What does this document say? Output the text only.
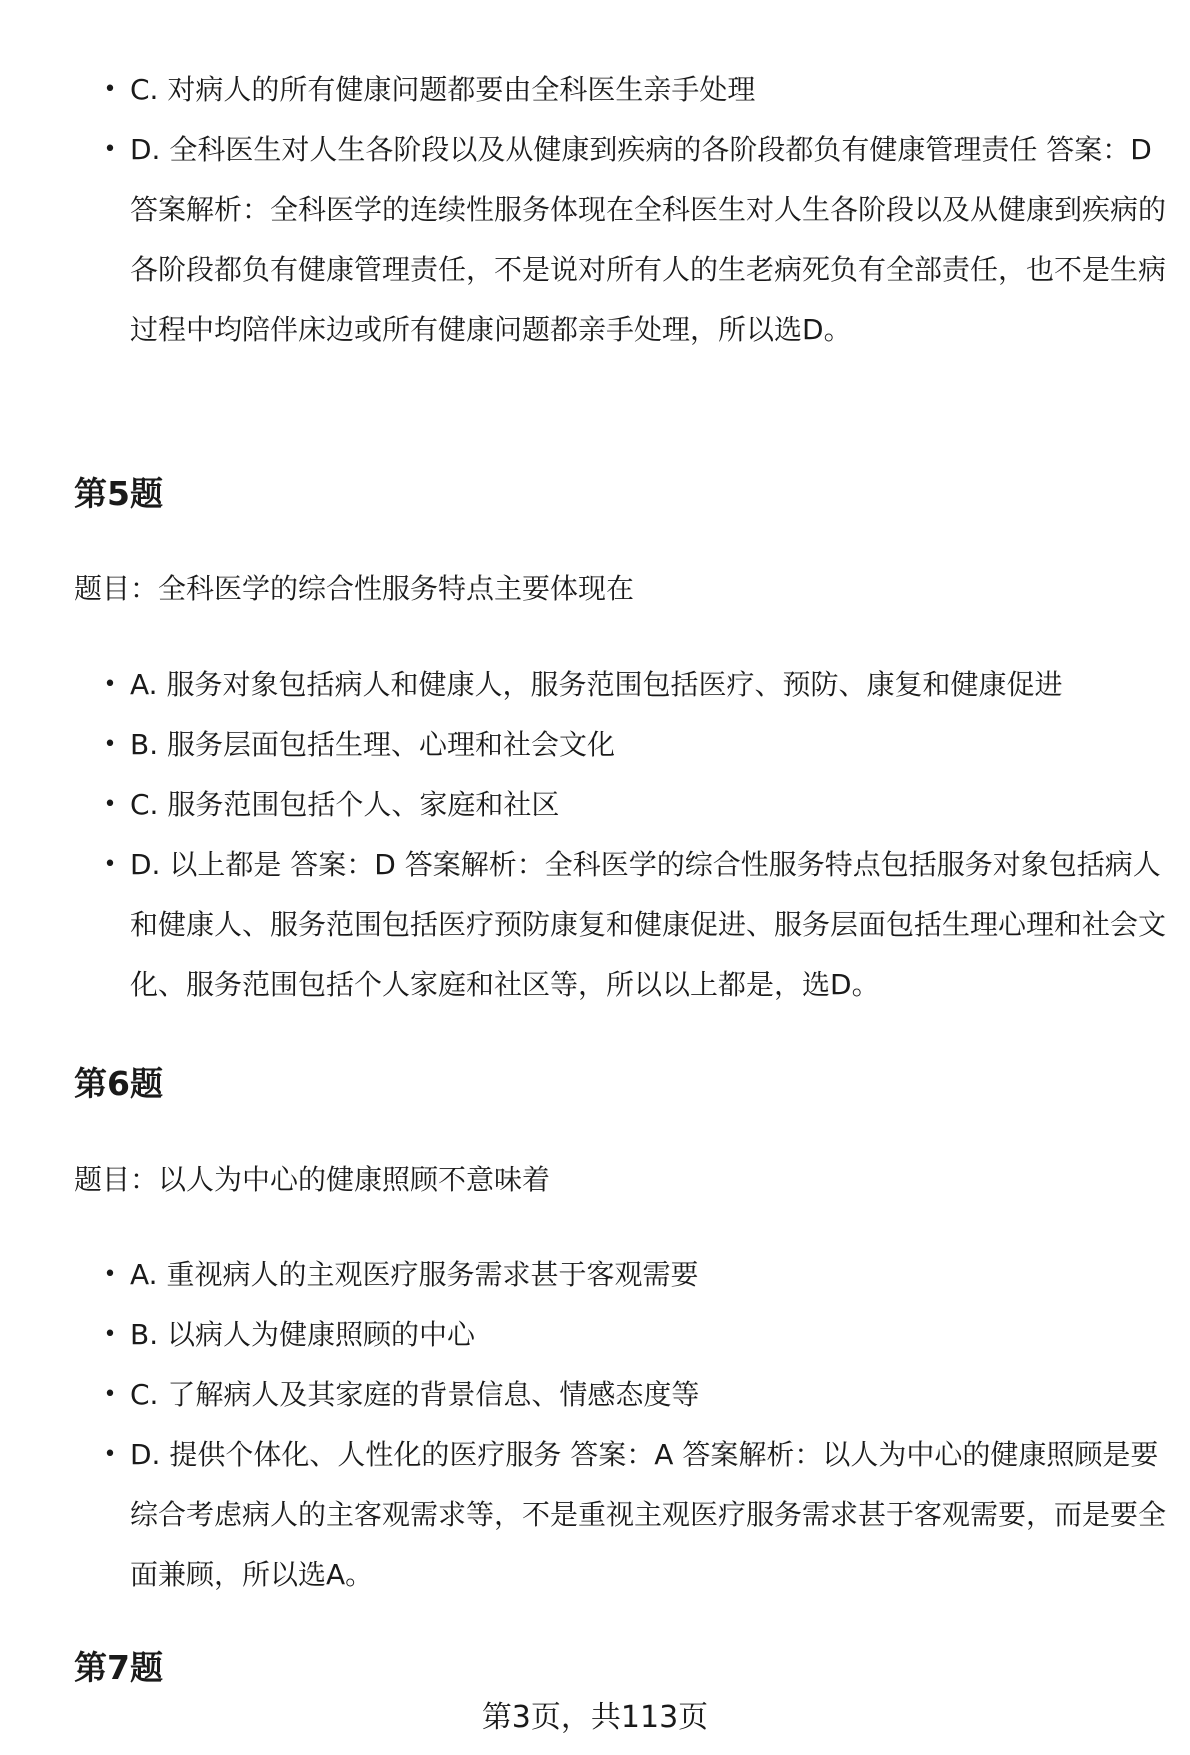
• C. 对病人的所有健康问题都要由全科医生亲手处理
• D. 全科医生对人生各阶段以及从健康到疾病的各阶段都负有健康管理责任 答案：D 答案解析：全科医学的连续性服务体现在全科医生对人生各阶段以及从健康到疾病的各阶段都负有健康管理责任，不是说对所有人的生老病死负有全部责任，也不是生病过程中均陪伴床边或所有健康问题都亲手处理，所以选D。
第5题

题目：全科医学的综合性服务特点主要体现在

• A. 服务对象包括病人和健康人，服务范围包括医疗、预防、康复和健康促进
• B. 服务层面包括生理、心理和社会文化
• C. 服务范围包括个人、家庭和社区
• D. 以上都是 答案：D 答案解析：全科医学的综合性服务特点包括服务对象包括病人和健康人、服务范围包括医疗预防康复和健康促进、服务层面包括生理心理和社会文化、服务范围包括个人家庭和社区等，所以以上都是，选D。
第6题

题目：以人为中心的健康照顾不意味着

• A. 重视病人的主观医疗服务需求甚于客观需要
• B. 以病人为健康照顾的中心
• C. 了解病人及其家庭的背景信息、情感态度等
• D. 提供个体化、人性化的医疗服务 答案：A 答案解析：以人为中心的健康照顾是要综合考虑病人的主客观需求等，不是重视主观医疗服务需求甚于客观需要，而是要全面兼顾，所以选A。
第7题
第3页，共113页
